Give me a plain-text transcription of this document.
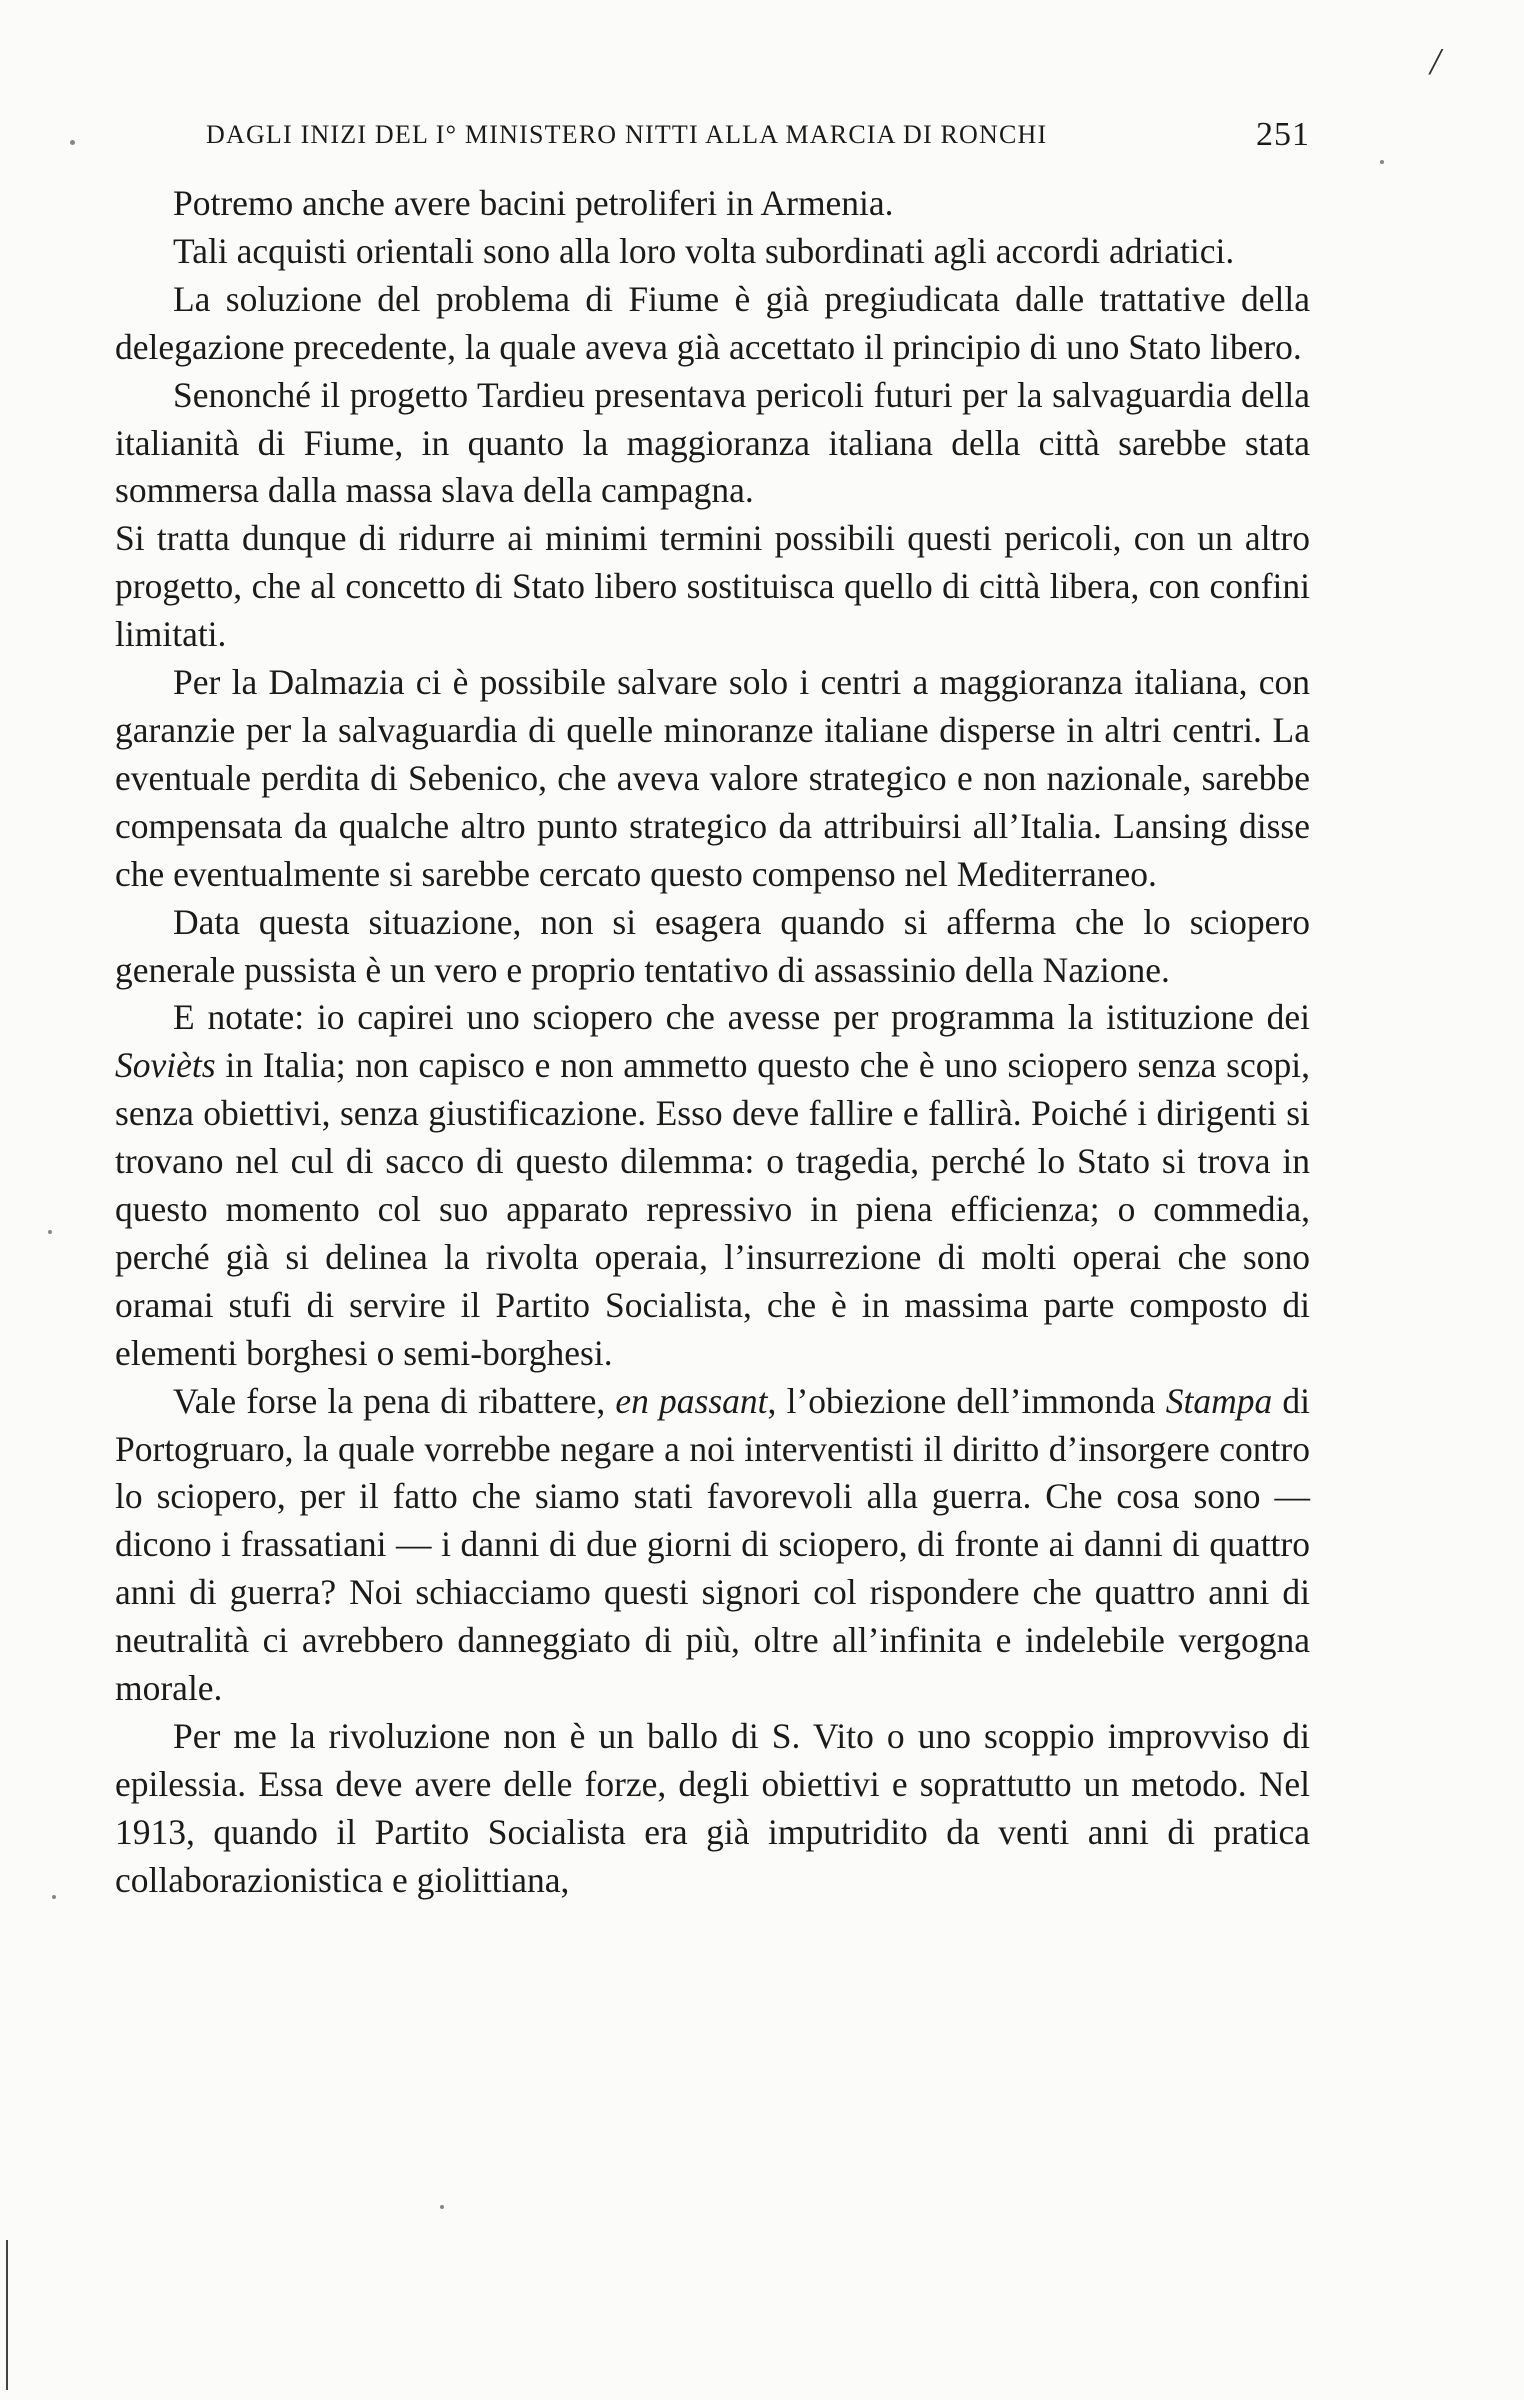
/
DAGLI INIZI DEL I° MINISTERO NITTI ALLA MARCIA DI RONCHI	251

Potremo anche avere bacini petroliferi in Armenia.

Tali acquisti orientali sono alla loro volta subordinati agli accordi adriatici.

La soluzione del problema di Fiume è già pregiudicata dalle trattative della delegazione precedente, la quale aveva già accettato il principio di uno Stato libero.

Senonché il progetto Tardieu presentava pericoli futuri per la salvaguardia della italianità di Fiume, in quanto la maggioranza italiana della città sarebbe stata sommersa dalla massa slava della campagna.

Si tratta dunque di ridurre ai minimi termini possibili questi pericoli, con un altro progetto, che al concetto di Stato libero sostituisca quello di città libera, con confini limitati.

Per la Dalmazia ci è possibile salvare solo i centri a maggioranza italiana, con garanzie per la salvaguardia di quelle minoranze italiane disperse in altri centri. La eventuale perdita di Sebenico, che aveva valore strategico e non nazionale, sarebbe compensata da qualche altro punto strategico da attribuirsi all’Italia. Lansing disse che eventualmente si sarebbe cercato questo compenso nel Mediterraneo.

Data questa situazione, non si esagera quando si afferma che lo sciopero generale pussista è un vero e proprio tentativo di assassinio della Nazione.

E notate: io capirei uno sciopero che avesse per programma la istituzione dei Sovièts in Italia; non capisco e non ammetto questo che è uno sciopero senza scopi, senza obiettivi, senza giustificazione. Esso deve fallire e fallirà. Poiché i dirigenti si trovano nel cul di sacco di questo dilemma: o tragedia, perché lo Stato si trova in questo momento col suo apparato repressivo in piena efficienza; o commedia, perché già si delinea la rivolta operaia, l’insurrezione di molti operai che sono oramai stufi di servire il Partito Socialista, che è in massima parte composto di elementi borghesi o semi-borghesi.

Vale forse la pena di ribattere, en passant, l’obiezione dell’immonda Stampa di Portogruaro, la quale vorrebbe negare a noi interventisti il diritto d’insorgere contro lo sciopero, per il fatto che siamo stati favorevoli alla guerra. Che cosa sono — dicono i frassatiani — i danni di due giorni di sciopero, di fronte ai danni di quattro anni di guerra? Noi schiacciamo questi signori col rispondere che quattro anni di neutralità ci avrebbero danneggiato di più, oltre all’infinita e indelebile vergogna morale.

Per me la rivoluzione non è un ballo di S. Vito o uno scoppio improvviso di epilessia. Essa deve avere delle forze, degli obiettivi e soprattutto un metodo. Nel 1913, quando il Partito Socialista era già imputridito da venti anni di pratica collaborazionistica e giolittiana,
